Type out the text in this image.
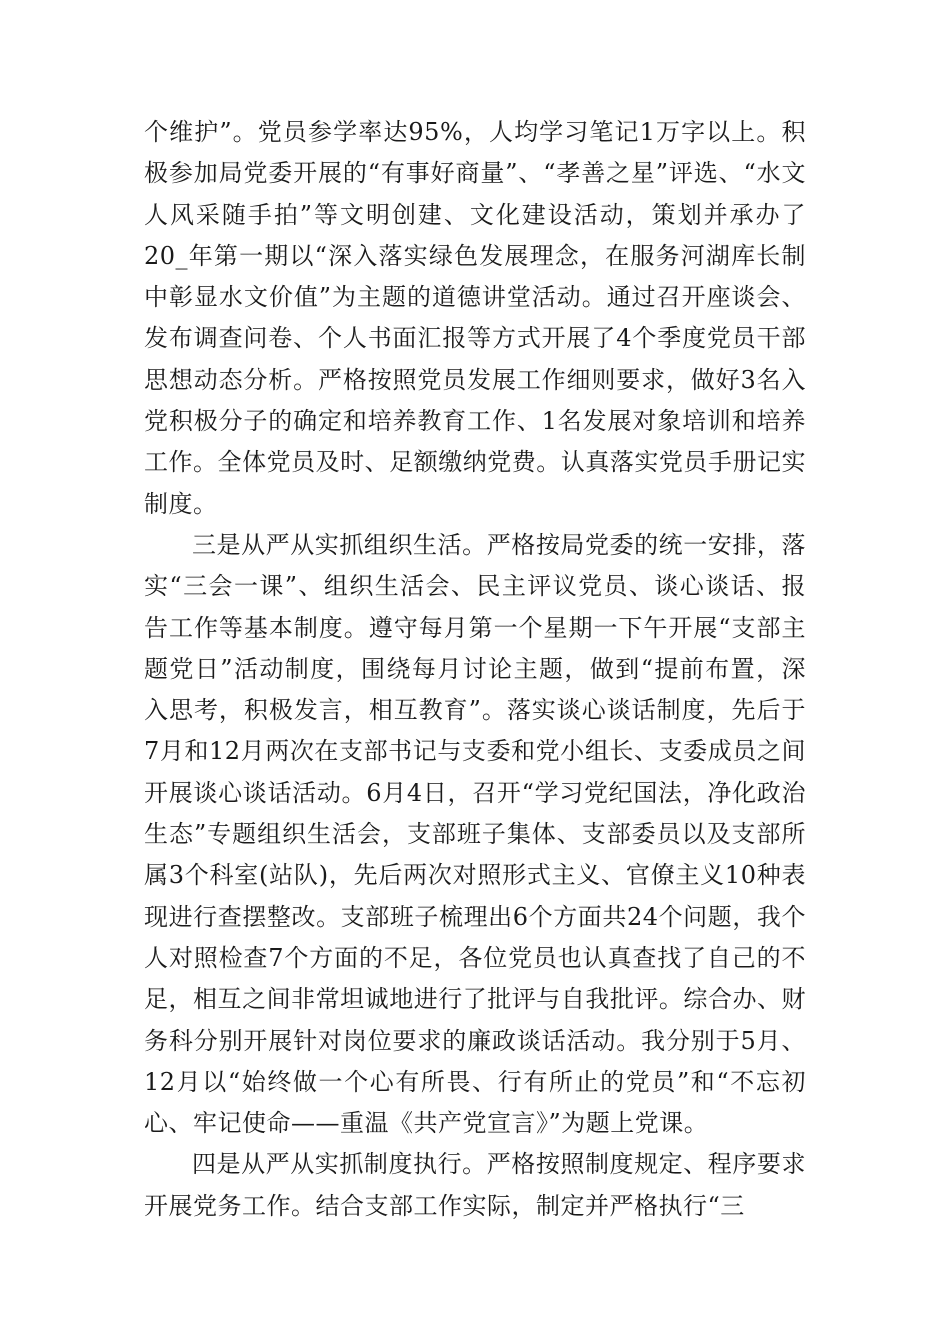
个维护”。党员参学率达95%，人均学习笔记1万字以上。积极参加局党委开展的“有事好商量”、“孝善之星”评选、“水文人风采随手拍”等文明创建、文化建设活动，策划并承办了20_年第一期以“深入落实绿色发展理念，在服务河湖库长制中彰显水文价值”为主题的道德讲堂活动。通过召开座谈会、发布调查问卷、个人书面汇报等方式开展了4个季度党员干部思想动态分析。严格按照党员发展工作细则要求，做好3名入党积极分子的确定和培养教育工作、1名发展对象培训和培养工作。全体党员及时、足额缴纳党费。认真落实党员手册记实制度。

三是从严从实抓组织生活。严格按局党委的统一安排，落实“三会一课”、组织生活会、民主评议党员、谈心谈话、报告工作等基本制度。遵守每月第一个星期一下午开展“支部主题党日”活动制度，围绕每月讨论主题，做到“提前布置，深入思考，积极发言，相互教育”。落实谈心谈话制度，先后于7月和12月两次在支部书记与支委和党小组长、支委成员之间开展谈心谈话活动。6月4日，召开“学习党纪国法，净化政治生态”专题组织生活会，支部班子集体、支部委员以及支部所属3个科室(站队)，先后两次对照形式主义、官僚主义10种表现进行查摆整改。支部班子梳理出6个方面共24个问题，我个人对照检查7个方面的不足，各位党员也认真查找了自己的不足，相互之间非常坦诚地进行了批评与自我批评。综合办、财务科分别开展针对岗位要求的廉政谈话活动。我分别于5月、12月以“始终做一个心有所畏、行有所止的党员”和“不忘初心、牢记使命——重温《共产党宣言》”为题上党课。

四是从严从实抓制度执行。严格按照制度规定、程序要求开展党务工作。结合支部工作实际，制定并严格执行“三
